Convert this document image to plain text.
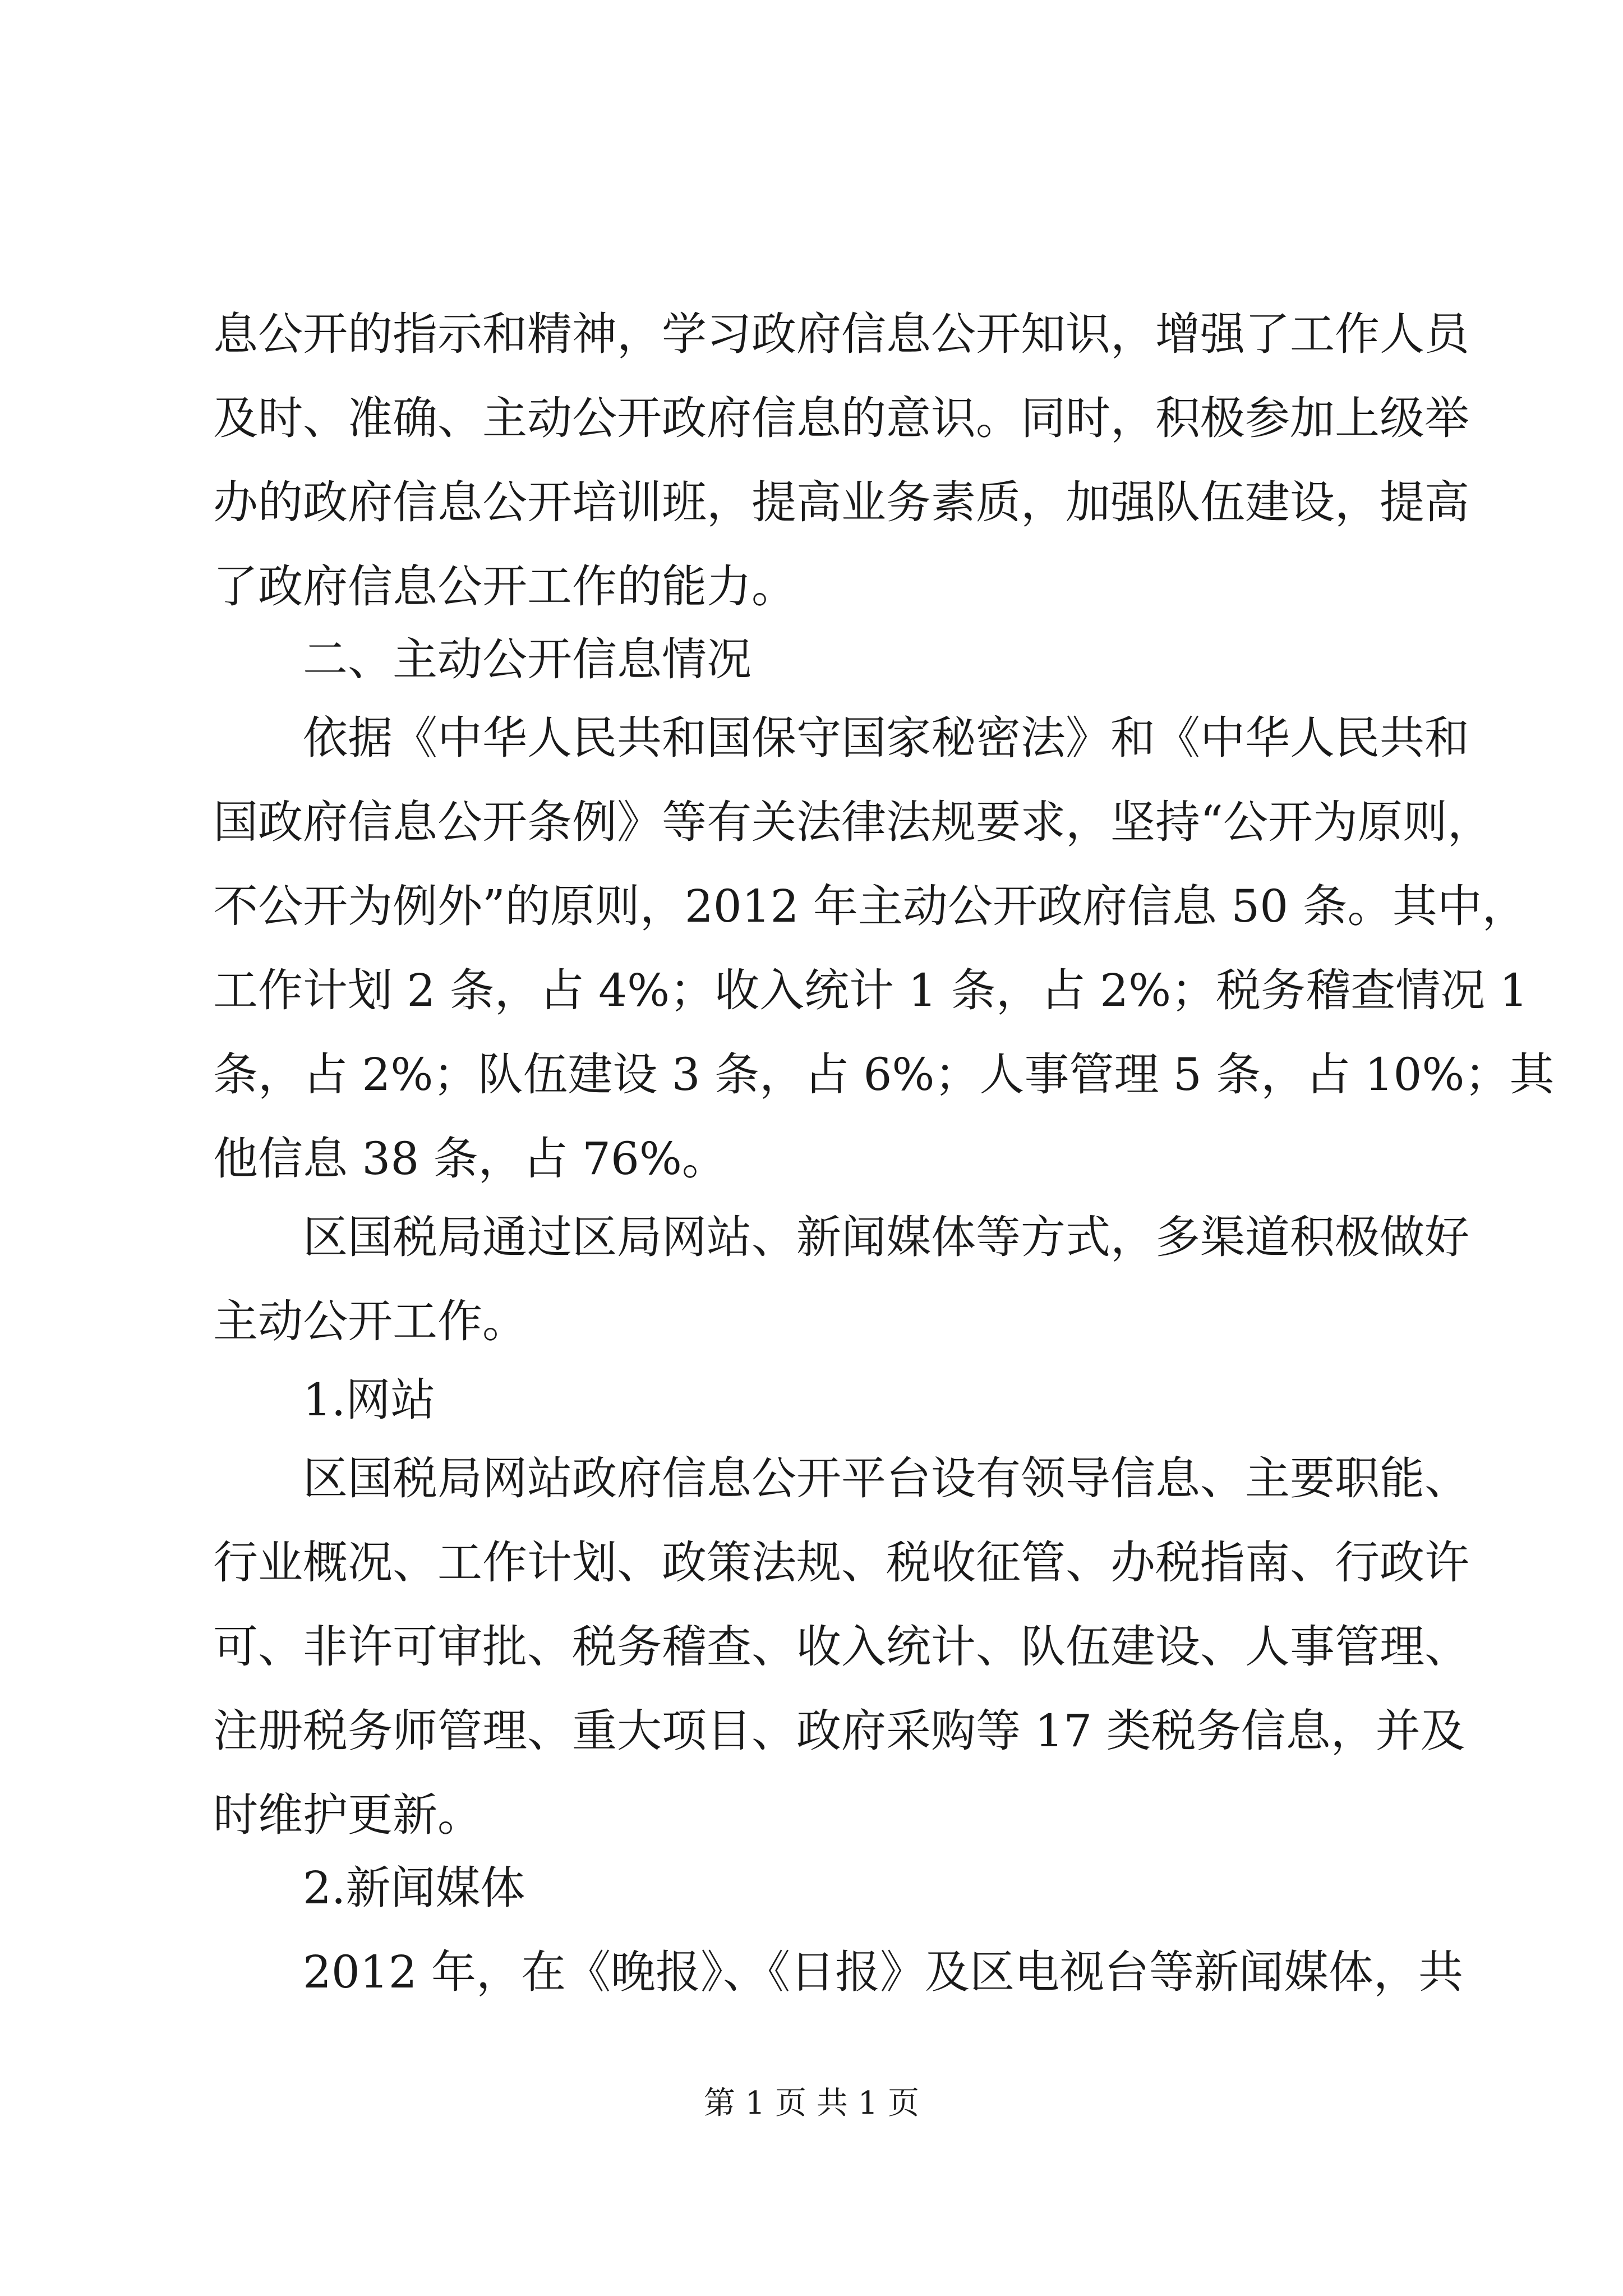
息公开的指示和精神，学习政府信息公开知识，增强了工作人员
及时、准确、主动公开政府信息的意识。同时，积极参加上级举
办的政府信息公开培训班，提高业务素质，加强队伍建设，提高
了政府信息公开工作的能力。
二、主动公开信息情况
依据《中华人民共和国保守国家秘密法》和《中华人民共和
国政府信息公开条例》等有关法律法规要求，坚持“公开为原则，
不公开为例外”的原则，2012 年主动公开政府信息 50 条。其中，
工作计划 2 条，占 4%；收入统计 1 条，占 2%；税务稽查情况 1
条，占 2%；队伍建设 3 条，占 6%；人事管理 5 条，占 10%；其
他信息 38 条，占 76%。
区国税局通过区局网站、新闻媒体等方式，多渠道积极做好
主动公开工作。
1.网站
区国税局网站政府信息公开平台设有领导信息、主要职能、
行业概况、工作计划、政策法规、税收征管、办税指南、行政许
可、非许可审批、税务稽查、收入统计、队伍建设、人事管理、
注册税务师管理、重大项目、政府采购等 17 类税务信息，并及
时维护更新。
2.新闻媒体
2012 年，在《晚报》、《日报》及区电视台等新闻媒体，共
第 1 页 共 1 页
